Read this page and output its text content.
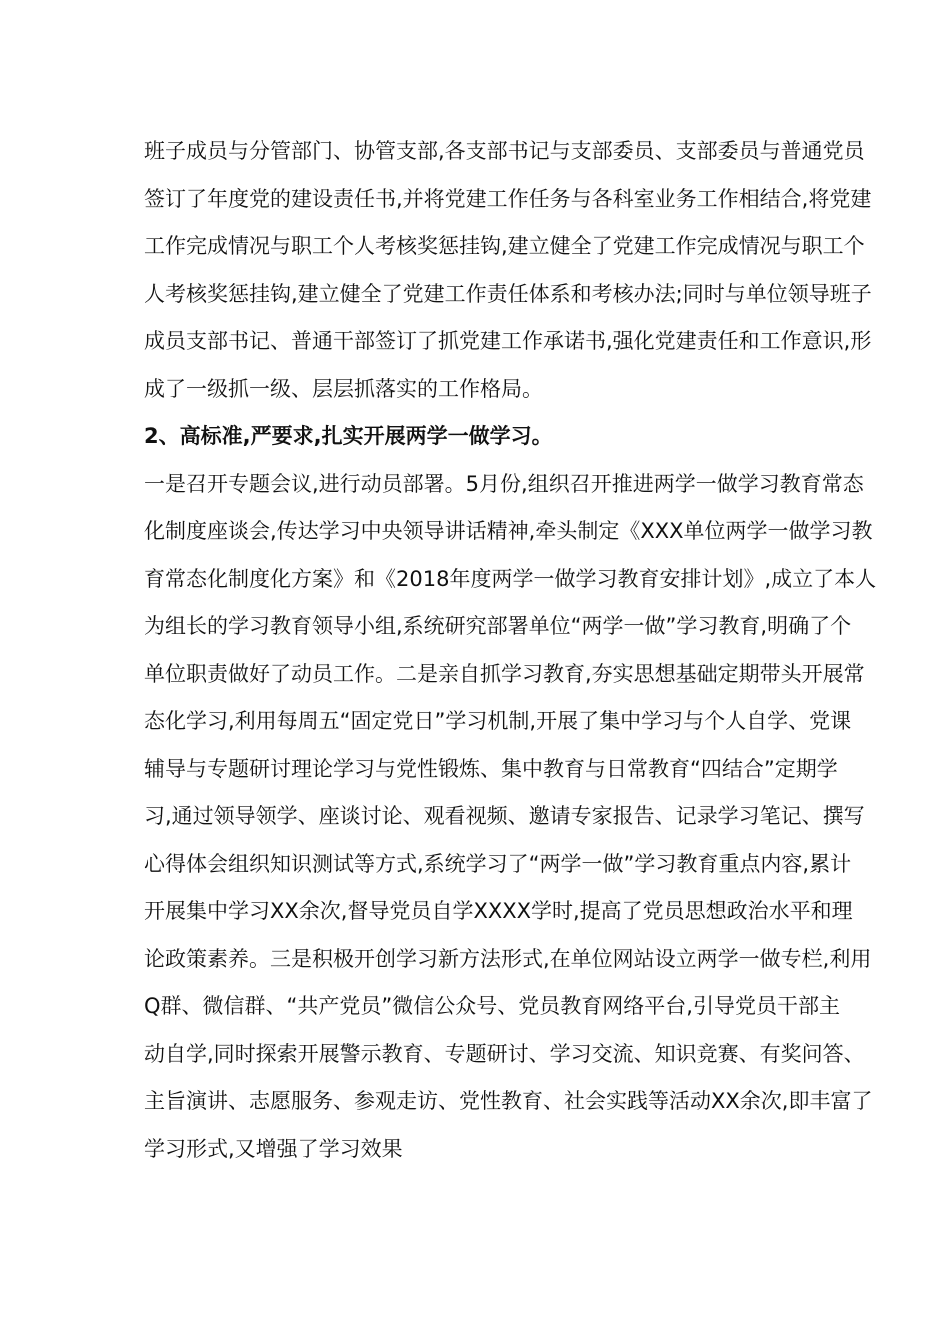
班子成员与分管部门、协管支部,各支部书记与支部委员、支部委员与普通党员
签订了年度党的建设责任书,并将党建工作任务与各科室业务工作相结合,将党建
工作完成情况与职工个人考核奖惩挂钩,建立健全了党建工作完成情况与职工个
人考核奖惩挂钩,建立健全了党建工作责任体系和考核办法;同时与单位领导班子
成员支部书记、普通干部签订了抓党建工作承诺书,强化党建责任和工作意识,形
成了一级抓一级、层层抓落实的工作格局。
2、高标准,严要求,扎实开展两学一做学习。
一是召开专题会议,进行动员部署。5月份,组织召开推进两学一做学习教育常态
化制度座谈会,传达学习中央领导讲话精神,牵头制定《XXX单位两学一做学习教
育常态化制度化方案》和《2018年度两学一做学习教育安排计划》,成立了本人
为组长的学习教育领导小组,系统研究部署单位“两学一做”学习教育,明确了个
单位职责做好了动员工作。二是亲自抓学习教育,夯实思想基础定期带头开展常
态化学习,利用每周五“固定党日”学习机制,开展了集中学习与个人自学、党课
辅导与专题研讨理论学习与党性锻炼、集中教育与日常教育“四结合”定期学
习,通过领导领学、座谈讨论、观看视频、邀请专家报告、记录学习笔记、撰写
心得体会组织知识测试等方式,系统学习了“两学一做”学习教育重点内容,累计
开展集中学习XX余次,督导党员自学XXXX学时,提高了党员思想政治水平和理
论政策素养。三是积极开创学习新方法形式,在单位网站设立两学一做专栏,利用
Q群、微信群、“共产党员”微信公众号、党员教育网络平台,引导党员干部主
动自学,同时探索开展警示教育、专题研讨、学习交流、知识竞赛、有奖问答、
主旨演讲、志愿服务、参观走访、党性教育、社会实践等活动XX余次,即丰富了
学习形式,又增强了学习效果
